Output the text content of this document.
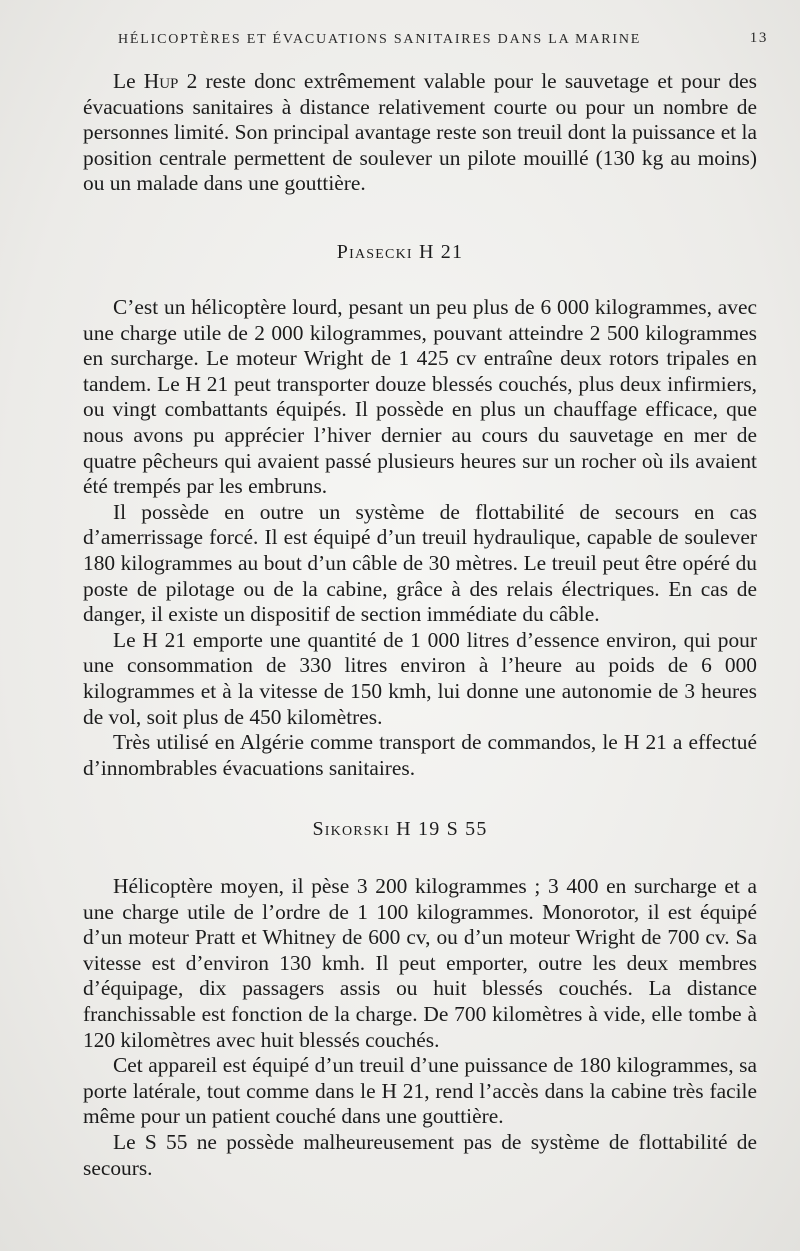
HÉLICOPTÈRES ET ÉVACUATIONS SANITAIRES DANS LA MARINE	13

Le Hup 2 reste donc extrêmement valable pour le sauvetage et pour des évacuations sanitaires à distance relativement courte ou pour un nombre de personnes limité. Son principal avantage reste son treuil dont la puissance et la position centrale permettent de soulever un pilote mouillé (130 kg au moins) ou un malade dans une gouttière.

Piasecki H 21

C’est un hélicoptère lourd, pesant un peu plus de 6 000 kilogrammes, avec une charge utile de 2 000 kilogrammes, pouvant atteindre 2 500 kilogrammes en surcharge. Le moteur Wright de 1 425 cv entraîne deux rotors tripales en tandem. Le H 21 peut transporter douze blessés couchés, plus deux infirmiers, ou vingt combattants équipés. Il possède en plus un chauffage efficace, que nous avons pu apprécier l’hiver dernier au cours du sauvetage en mer de quatre pêcheurs qui avaient passé plusieurs heures sur un rocher où ils avaient été trempés par les embruns.

Il possède en outre un système de flottabilité de secours en cas d’amerrissage forcé. Il est équipé d’un treuil hydraulique, capable de soulever 180 kilogrammes au bout d’un câble de 30 mètres. Le treuil peut être opéré du poste de pilotage ou de la cabine, grâce à des relais électriques. En cas de danger, il existe un dispositif de section immédiate du câble.

Le H 21 emporte une quantité de 1 000 litres d’essence environ, qui pour une consommation de 330 litres environ à l’heure au poids de 6 000 kilogrammes et à la vitesse de 150 kmh, lui donne une autonomie de 3 heures de vol, soit plus de 450 kilomètres.

Très utilisé en Algérie comme transport de commandos, le H 21 a effectué d’innombrables évacuations sanitaires.

Sikorski H 19 S 55

Hélicoptère moyen, il pèse 3 200 kilogrammes ; 3 400 en surcharge et a une charge utile de l’ordre de 1 100 kilogrammes. Monorotor, il est équipé d’un moteur Pratt et Whitney de 600 cv, ou d’un moteur Wright de 700 cv. Sa vitesse est d’environ 130 kmh. Il peut emporter, outre les deux membres d’équipage, dix passagers assis ou huit blessés couchés. La distance franchissable est fonction de la charge. De 700 kilomètres à vide, elle tombe à 120 kilomètres avec huit blessés couchés.

Cet appareil est équipé d’un treuil d’une puissance de 180 kilogrammes, sa porte latérale, tout comme dans le H 21, rend l’accès dans la cabine très facile même pour un patient couché dans une gouttière.

Le S 55 ne possède malheureusement pas de système de flottabilité de secours.
